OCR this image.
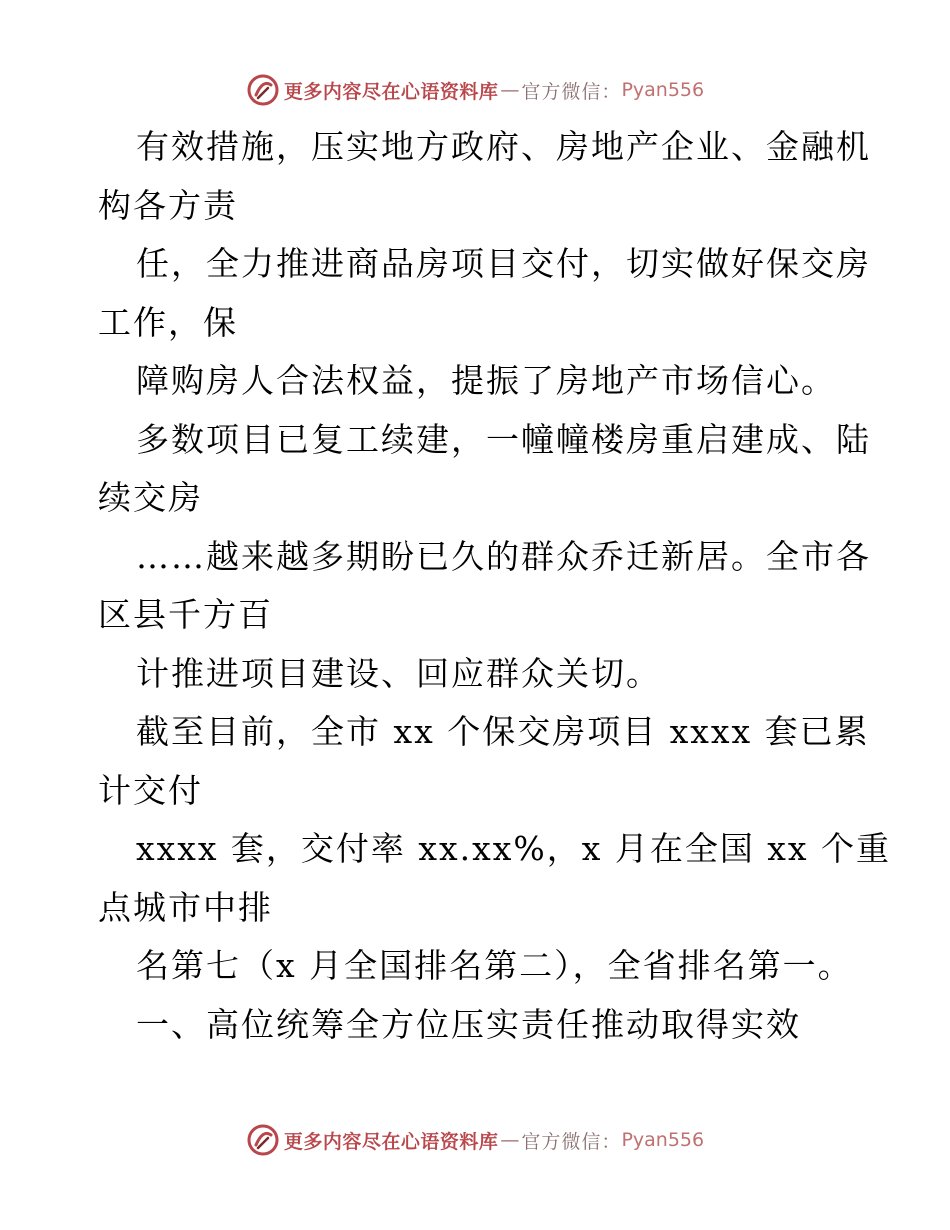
更多内容尽在心语资料库 — 官方微信： Pyan556
有效措施，压实地方政府、房地产企业、金融机
构各方责
任，全力推进商品房项目交付，切实做好保交房
工作，保
障购房人合法权益，提振了房地产市场信心。
多数项目已复工续建，一幢幢楼房重启建成、陆
续交房
……越来越多期盼已久的群众乔迁新居。全市各
区县千方百
计推进项目建设、回应群众关切。
截至目前，全市 xx 个保交房项目 xxxx 套已累
计交付
xxxx 套，交付率 xx.xx%，x 月在全国 xx 个重
点城市中排
名第七（x 月全国排名第二），全省排名第一。
一、高位统筹全方位压实责任推动取得实效
更多内容尽在心语资料库 — 官方微信： Pyan556
